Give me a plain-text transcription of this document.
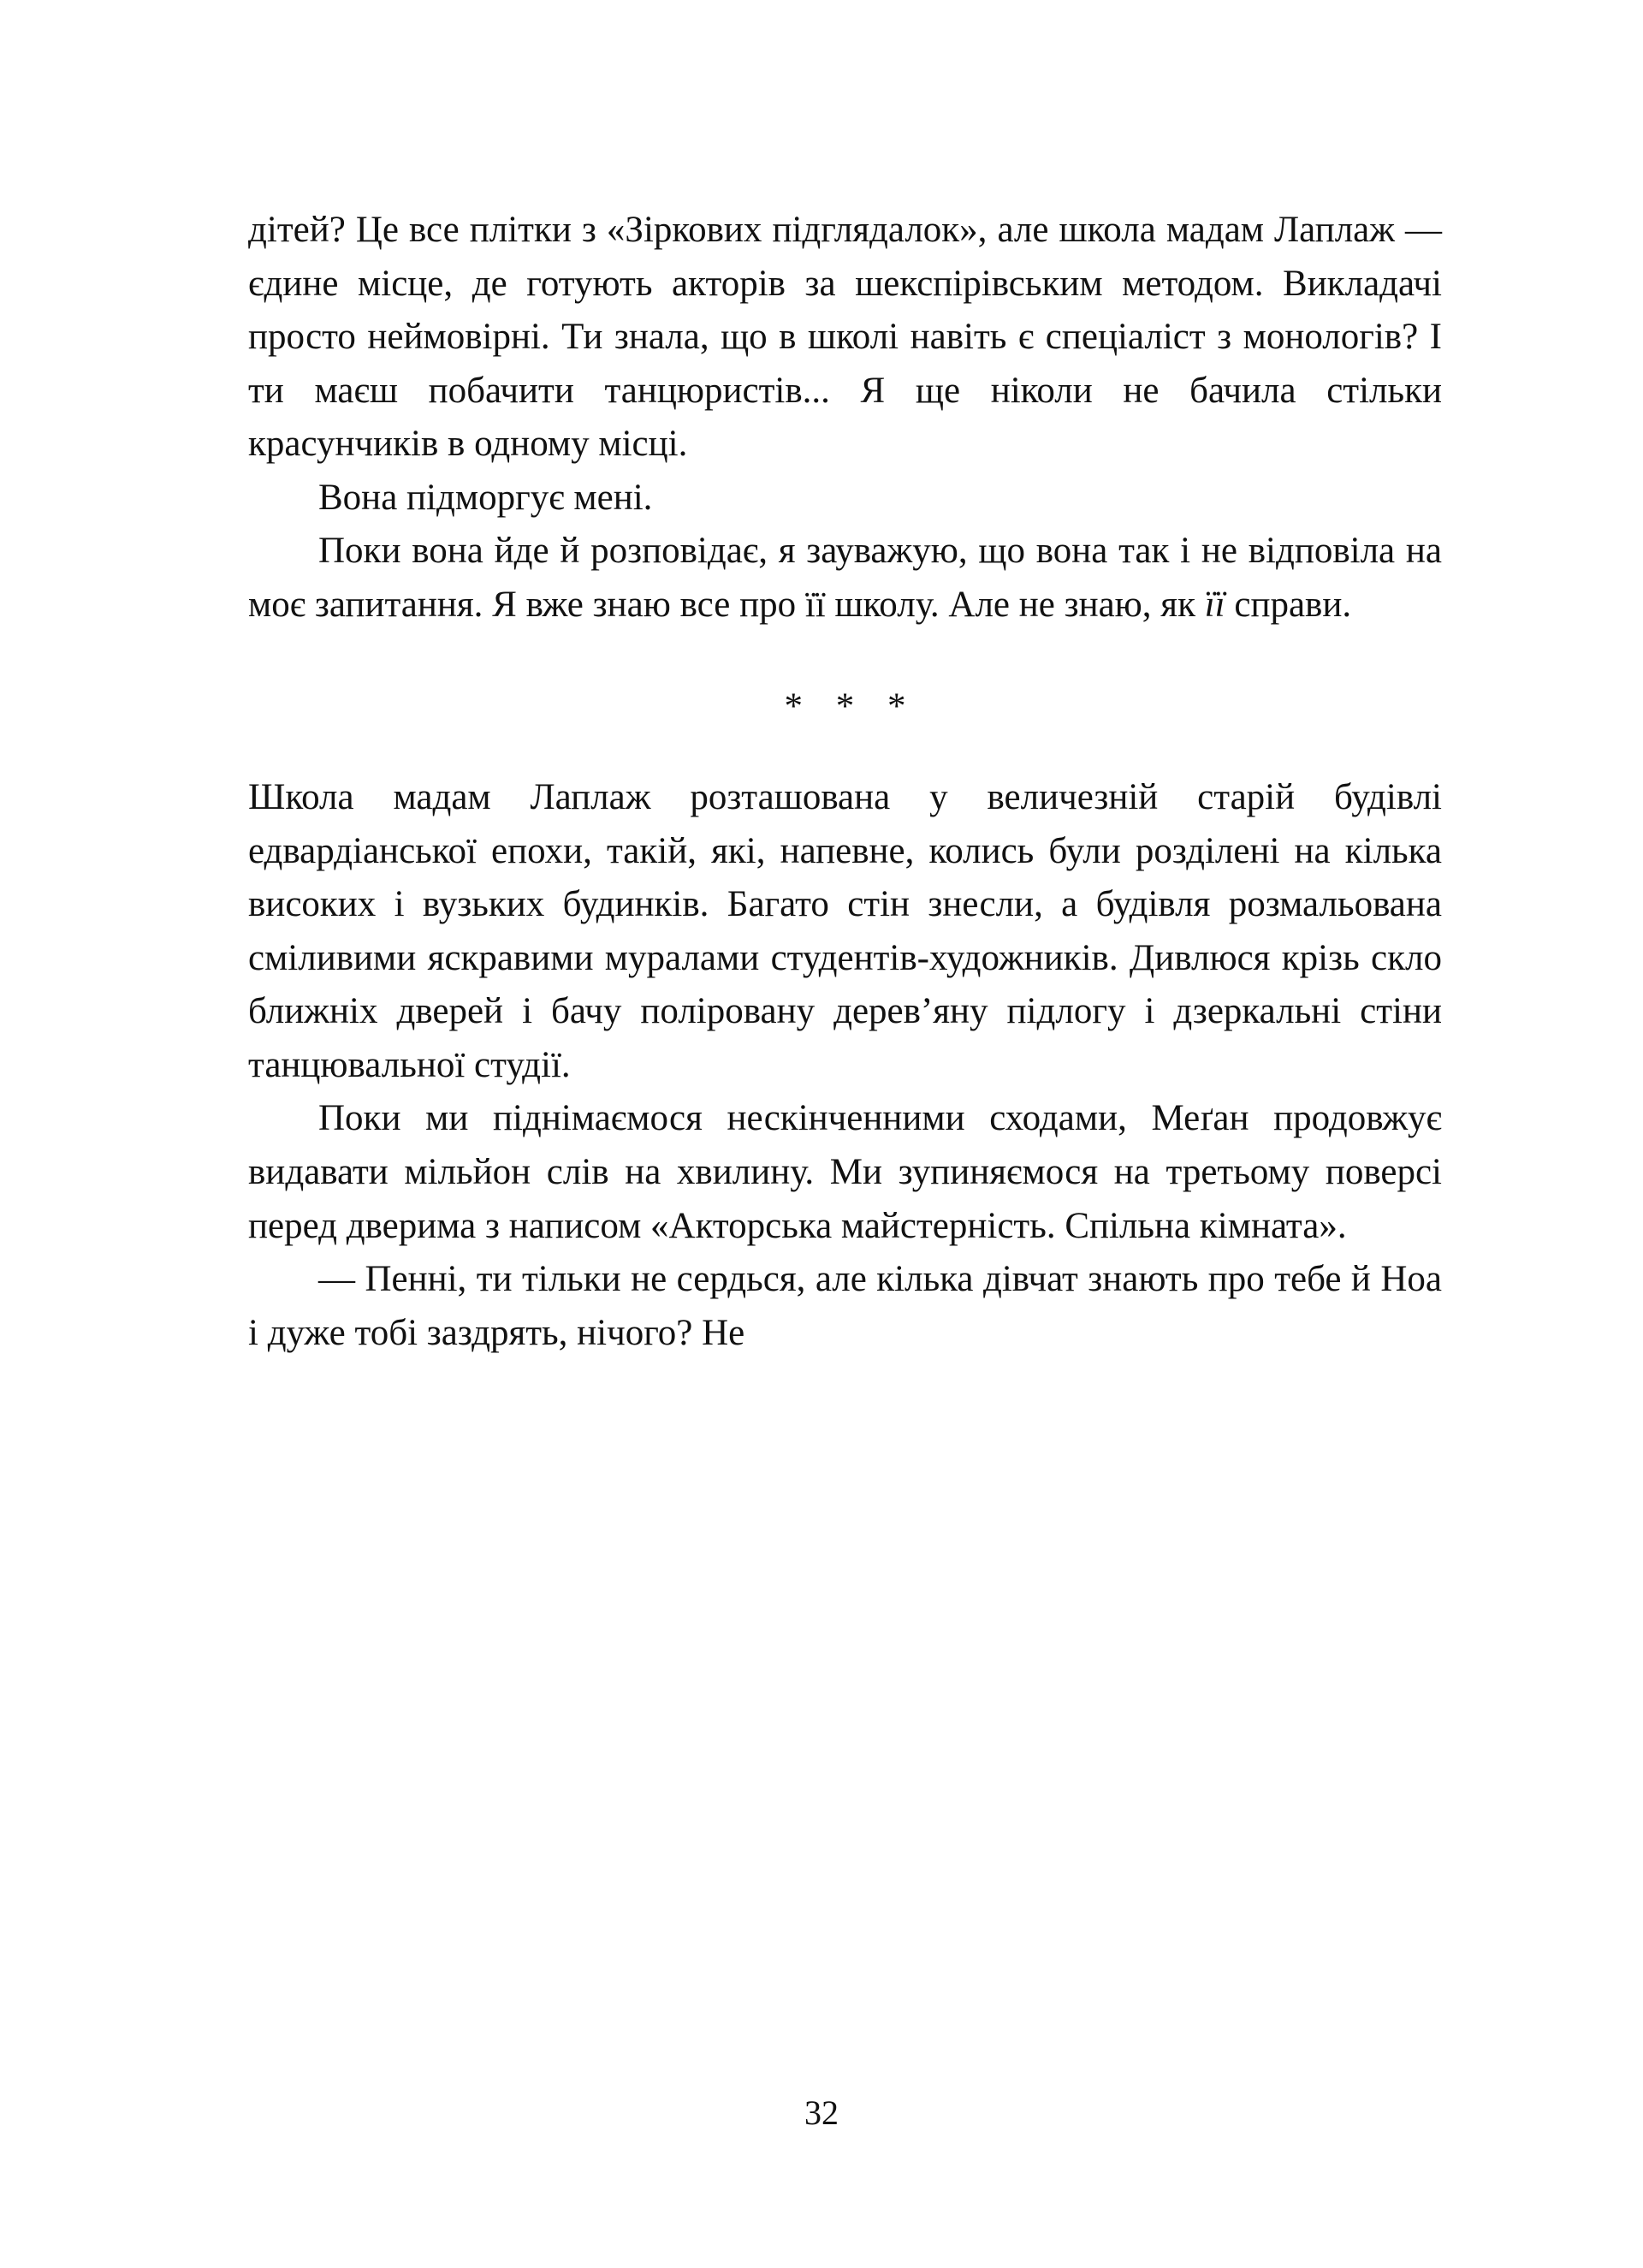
дітей? Це все плітки з «Зіркових підглядалок», але школа мадам Лаплаж — єдине місце, де готують акторів за шекспірівським методом. Викладачі просто неймовірні. Ти знала, що в школі навіть є спеціаліст з монологів? І ти маєш побачити танцюристів... Я ще ніколи не бачила стільки красунчиків в одному місці.

Вона підморгує мені.

Поки вона йде й розповідає, я зауважую, що вона так і не відповіла на моє запитання. Я вже знаю все про її школу. Але не знаю, як її справи.

* * *

Школа мадам Лаплаж розташована у величезній старій будівлі едвардіанської епохи, такій, які, напевне, колись були розділені на кілька високих і вузьких будинків. Багато стін знесли, а будівля розмальована сміливими яскравими муралами студентів-художників. Дивлюся крізь скло ближніх дверей і бачу поліровану дерев’яну підлогу і дзеркальні стіни танцювальної студії.

Поки ми піднімаємося нескінченними сходами, Меґан продовжує видавати мільйон слів на хвилину. Ми зупиняємося на третьому поверсі перед дверима з написом «Акторська майстерність. Спільна кімната».

— Пенні, ти тільки не сердься, але кілька дівчат знають про тебе й Ноа і дуже тобі заздрять, нічого? Не

32
